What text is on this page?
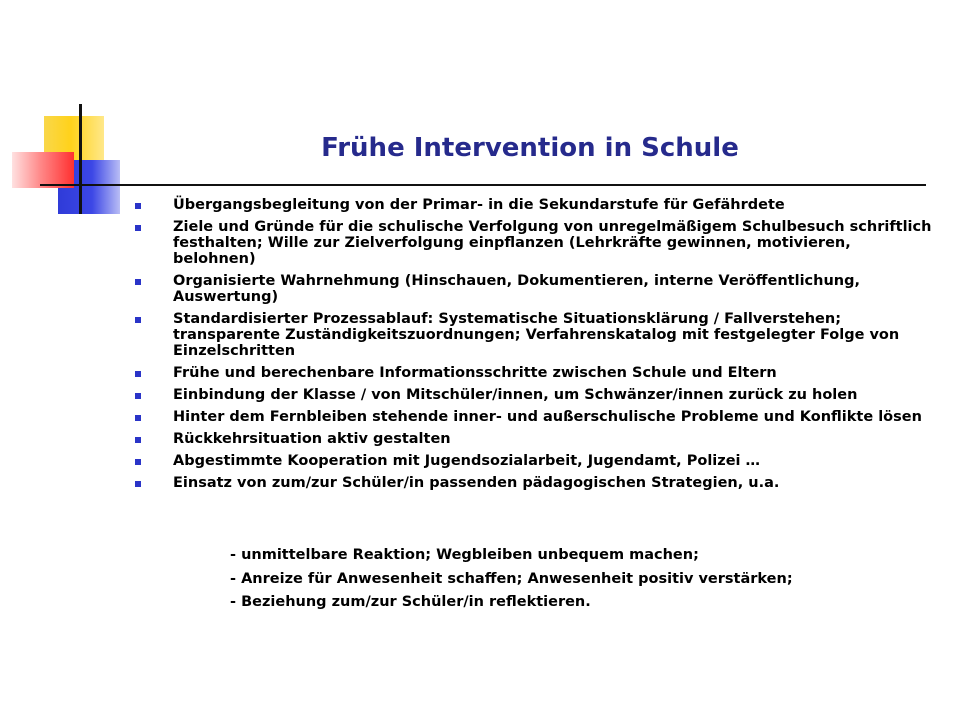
Frühe Intervention in Schule
Übergangsbegleitung von der Primar- in die Sekundarstufe für Gefährdete
Ziele und Gründe für die schulische Verfolgung von unregelmäßigem Schulbesuch schriftlich festhalten; Wille zur Zielverfolgung einpflanzen (Lehrkräfte gewinnen, motivieren, belohnen)
Organisierte Wahrnehmung (Hinschauen, Dokumentieren, interne Veröffentlichung, Auswertung)
Standardisierter Prozessablauf: Systematische Situationsklärung / Fallverstehen; transparente Zuständigkeitszuordnungen; Verfahrenskatalog mit festgelegter Folge von Einzelschritten
Frühe und berechenbare Informationsschritte zwischen Schule und Eltern
Einbindung der Klasse / von Mitschüler/innen, um Schwänzer/innen zurück zu holen
Hinter dem Fernbleiben stehende inner- und außerschulische Probleme und Konflikte lösen
Rückkehrsituation aktiv gestalten
Abgestimmte Kooperation mit Jugendsozialarbeit, Jugendamt, Polizei …
Einsatz von zum/zur Schüler/in passenden pädagogischen Strategien, u.a.
- unmittelbare Reaktion; Wegbleiben unbequem machen;
- Anreize für Anwesenheit schaffen; Anwesenheit positiv verstärken;
- Beziehung zum/zur Schüler/in reflektieren.
